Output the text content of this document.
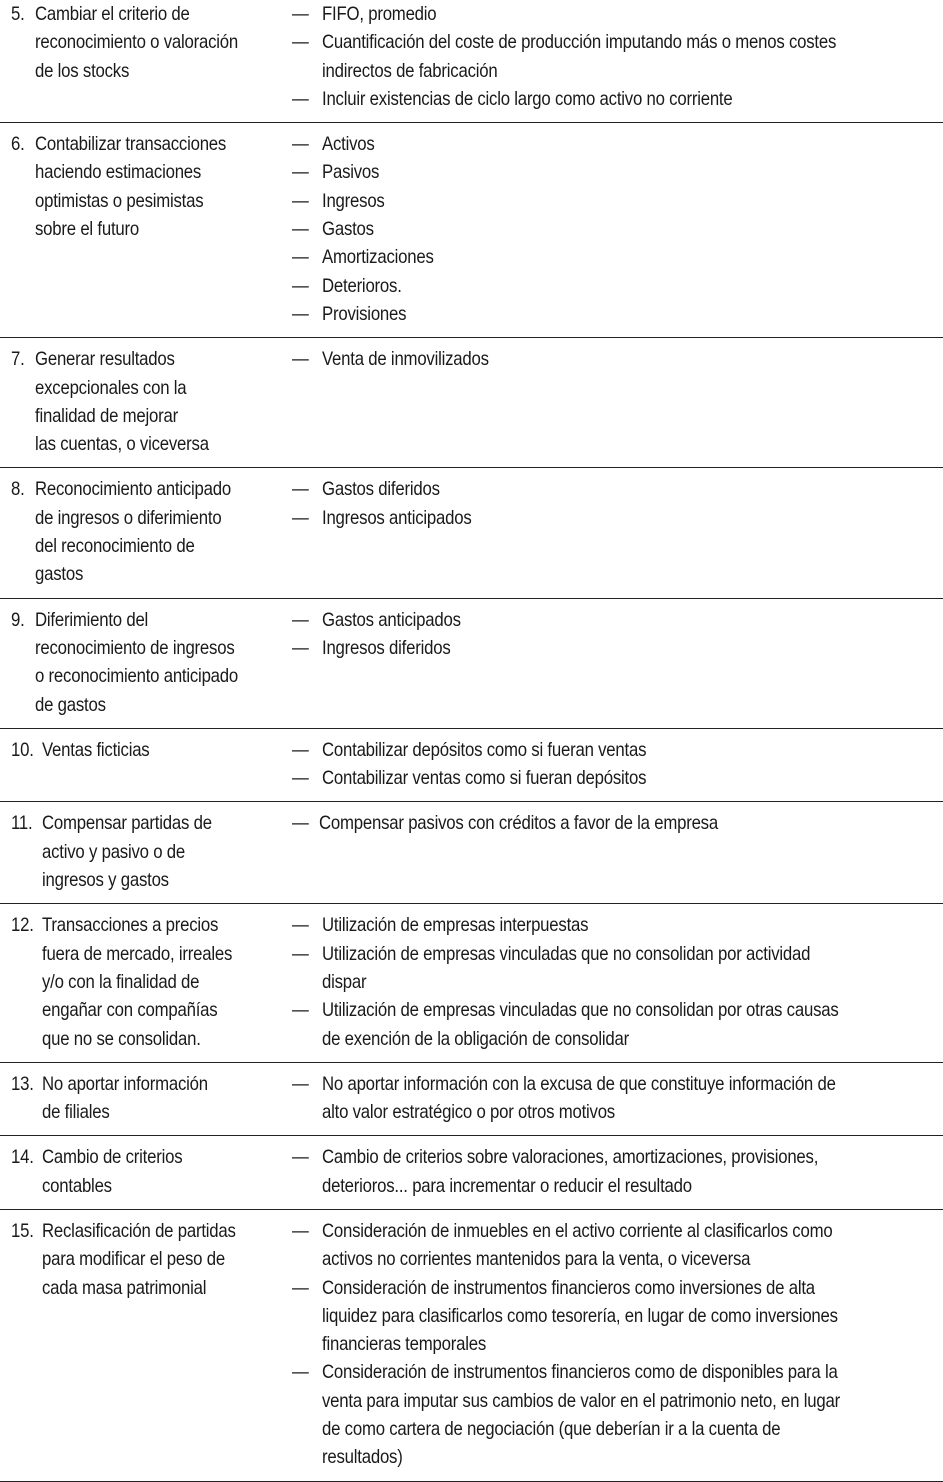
5. Cambiar el criterio de
reconocimiento o valoración
de los stocks
— FIFO, promedio
— Cuantificación del coste de producción imputando más o menos costes
indirectos de fabricación
— Incluir existencias de ciclo largo como activo no corriente
6. Contabilizar transacciones
haciendo estimaciones
optimistas o pesimistas
sobre el futuro
— Activos
— Pasivos
— Ingresos
— Gastos
— Amortizaciones
— Deterioros.
— Provisiones
7. Generar resultados
excepcionales con la
finalidad de mejorar
las cuentas, o viceversa
— Venta de inmovilizados
8. Reconocimiento anticipado
de ingresos o diferimiento
del reconocimiento de
gastos
— Gastos diferidos
— Ingresos anticipados
9. Diferimiento del
reconocimiento de ingresos
o reconocimiento anticipado
de gastos
— Gastos anticipados
— Ingresos diferidos
10. Ventas ficticias	— Contabilizar depósitos como si fueran ventas
— Contabilizar ventas como si fueran depósitos
11. Compensar partidas de
activo y pasivo o de
ingresos y gastos
— Compensar pasivos con créditos a favor de la empresa
12. Transacciones a precios
fuera de mercado, irreales
y/o con la finalidad de
engañar con compañías
que no se consolidan.
— Utilización de empresas interpuestas
— Utilización de empresas vinculadas que no consolidan por actividad
dispar
— Utilización de empresas vinculadas que no consolidan por otras causas
de exención de la obligación de consolidar
13. No aportar información
de filiales
— No aportar información con la excusa de que constituye información de
alto valor estratégico o por otros motivos
14. Cambio de criterios
contables
— Cambio de criterios sobre valoraciones, amortizaciones, provisiones,
deterioros... para incrementar o reducir el resultado
15. Reclasificación de partidas
para modificar el peso de
cada masa patrimonial
— Consideración de inmuebles en el activo corriente al clasificarlos como
activos no corrientes mantenidos para la venta, o viceversa
— Consideración de instrumentos financieros como inversiones de alta
liquidez para clasificarlos como tesorería, en lugar de como inversiones
financieras temporales
— Consideración de instrumentos financieros como de disponibles para la
venta para imputar sus cambios de valor en el patrimonio neto, en lugar
de como cartera de negociación (que deberían ir a la cuenta de
resultados)
